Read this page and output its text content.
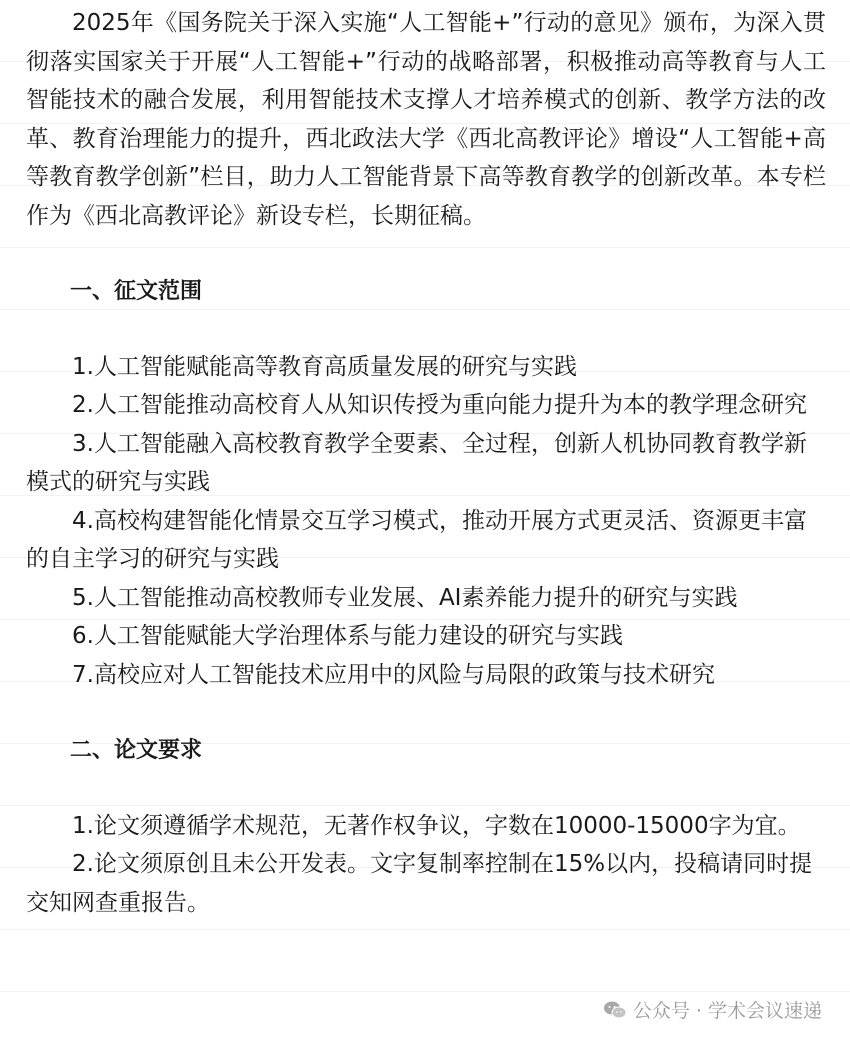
2025年《国务院关于深入实施“人工智能+”行动的意见》颁布，为深入贯彻落实国家关于开展“人工智能+”行动的战略部署，积极推动高等教育与人工智能技术的融合发展，利用智能技术支撑人才培养模式的创新、教学方法的改革、教育治理能力的提升，西北政法大学《西北高教评论》增设“人工智能+高等教育教学创新”栏目，助力人工智能背景下高等教育教学的创新改革。本专栏作为《西北高教评论》新设专栏，长期征稿。

一、征文范围

1.人工智能赋能高等教育高质量发展的研究与实践

2.人工智能推动高校育人从知识传授为重向能力提升为本的教学理念研究

3.人工智能融入高校教育教学全要素、全过程，创新人机协同教育教学新模式的研究与实践

4.高校构建智能化情景交互学习模式，推动开展方式更灵活、资源更丰富的自主学习的研究与实践

5.人工智能推动高校教师专业发展、AI素养能力提升的研究与实践

6.人工智能赋能大学治理体系与能力建设的研究与实践

7.高校应对人工智能技术应用中的风险与局限的政策与技术研究

二、论文要求

1.论文须遵循学术规范，无著作权争议，字数在10000-15000字为宜。

2.论文须原创且未公开发表。文字复制率控制在15%以内，投稿请同时提交知网查重报告。

公众号 · 学术会议速递
